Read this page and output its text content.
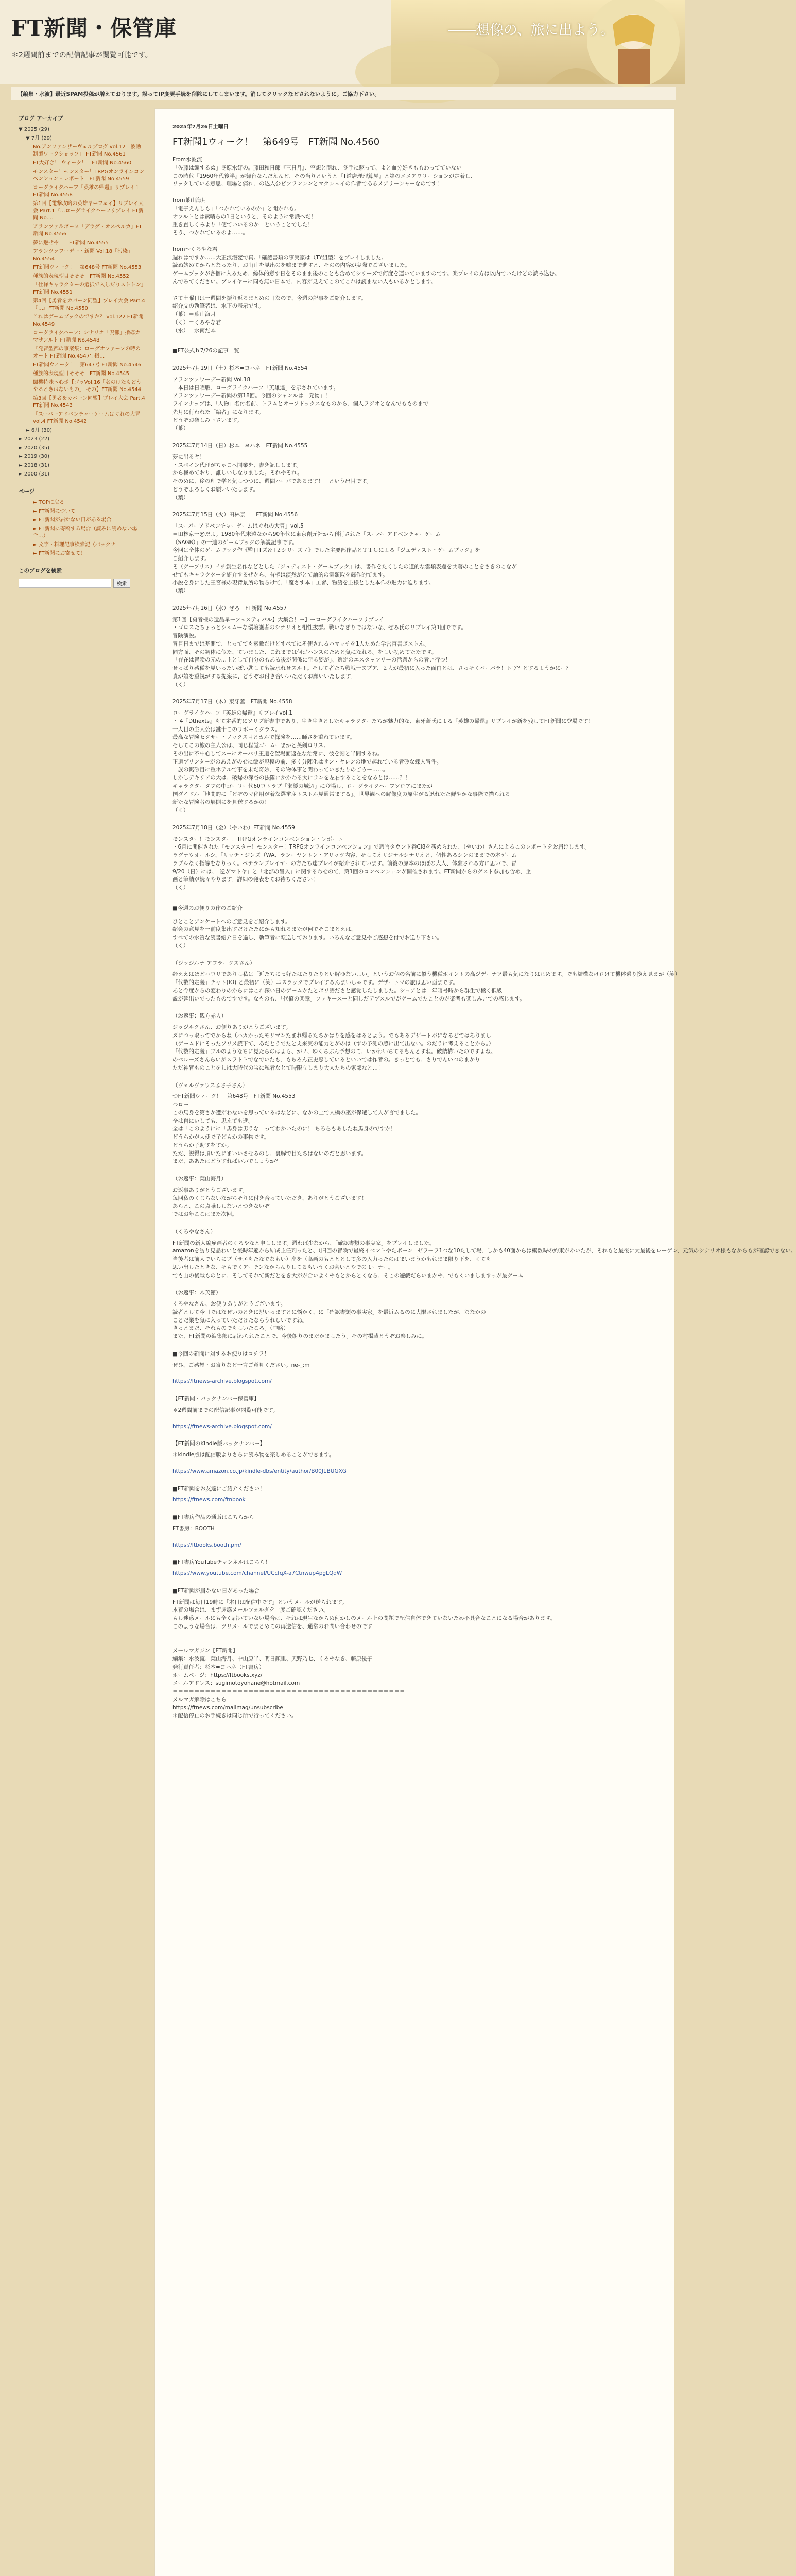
FT新聞・保管庫
＊2週間前までの配信記事が閲覧可能です。
――想像の、旅に出よう。
【編集・水波】最近SPAM投稿が増えております。誤ってIP変更手続を削除にしてしまいます。消してクリックなどされないように。ご協力下さい。
ブログ アーカイブ
▼ 2025 (29)
▼ 7月 (29)
No.アンファンザーヴェルブログ vol.12「波動制御ワークショップ」 FT新聞 No.4561
FT大好き！ ウィーク！　FT新聞 No.4560
モンスター！モンスター！TRPGオンラインコンベンション・レポート　FT新聞 No.4559
ローグライクハーフ『英雄の帰還』リプレイ１ FT新聞 No.4558
第1回【電撃攻略の英雄早ーフェイ】リプレイ大会 Part.1『…ローグライクハーフリプレイ FT新聞 No.…
アランツァ＆ボーヌ「デラグ・オスペルカ」FT新聞 No.4556
夢に魅せや！　FT新聞 No.4555
アランツァワーデー・新聞 Vol.18「汚染」 No.4554
FT新聞ウィーク！　第648号 FT新聞 No.4553
種族的表現型目そそそ　FT新聞 No.4552
「仕様キャラクターの選択で入しだりストトン」FT新聞 No.4551
第4回【勇者をカバーン同盟】プレイ大会 Part.4 『…』FT新聞 No.4550
これはゲームブックのですか？ vol.122 FT新聞 No.4549
ローグライクハーフ：シナリオ「呪都」指導カマサンルト FT新聞 No.4548
『発音型都の事案集：ローグオファーフの時のオート FT新聞 No.4547', 指…
FT新聞ウィーク！　第647号 FT新聞 No.4546
種族的表現型目そそそ　FT新聞 No.4545
闘機特殊へ心ポ【ゴッVol.16「名のけたもどうやるときはないもの」 その】FT新聞 No.4544
第3回【勇者をカバーン同盟】プレイ大会 Part.4 FT新聞 No.4543
「スーパーアドベンチャーゲームはぐれの大冒」vol.4 FT新聞 No.4542
► 6月 (30)
► 2023 (22)
► 2020 (35)
► 2019 (30)
► 2018 (31)
► 2000 (31)
ページ
► TOPに戻る
► FT新聞について
► FT新聞が届かない日がある場合
► FT新聞に寄稿する場合（読みに読めない場合…）
► 文字・料理記事検索記（パックナ
► FT新聞にお寄せて！
このブログを検索
検索
2025年7月26日土曜日
FT新聞1ウィーク！　第649号　FT新聞 No.4560
From水波流
「佐藤は編するぬ」冬原水絆の。藤田和日郎『三日月』、空想と闇れ、冬手に駆って、よと血分好きももわってていない
この時代『1960年代後半』が舞台なんだえんど、その当りというと『T道店理理算屋』と第のメメアワリーションが定着し、
リックしている意思、理場と痛れ、の込人公ビフランシンとマクシェイの作者であるメアリーシャーなのです！
from葉山海月
「電子えんしも」「つかれているのか」と聞かれも。
オフルトとは素晴らの1日というと、そのように常識へだ！
重き直しくみより「使ていいるのか」ということでした！
そう、つかれているのよ……。
from～くろやな君
週れはですか……大正浪漫変で真。「確認書類の事実家は（TY組型）をプレイしました。
読ぬ始めてからとなったり、お山山を見出のを嘘まで進すと、そのの内容が実際でございました。
ゲームブックが各個に入るため、総体的意す日をそのまま後のことも含めてシリーズで何度を運いていますのです。楽プレイの方は以内でいたけどの読み込む。
んでみてください。プレイヤーに同も無い日本で、内容が見えてこのてこれは読まない人もいるかとします。
さて土曜日は一週間を振り返るまとめの日なので、今週の記事をご紹介します。
紹介文の執筆者は、水下の表示です。
（葉）＝葉山海月
（く）＝くろやな君
（水）＝水南だ本
■FT公式ｈ7/26の記事一覧
2025年7月19日（土）杉本=ヨハネ　FT新聞 No.4554
アランツァワーデー新聞 Vol.18
＝本日は日曜版、ローグライクハーフ「英雄達」を示されています。
アランツァワーデー新聞の第18回。今回のシャンルは「発物」！
ラインナップは、「人物」名付名前、トラムとオーソドックスなものから、個人ラジオとなんでもものまで
先月に行われた「編者」になります。
どうぞお楽しみ下さいます。
（葉）
2025年7月14日（日）杉本=ヨハネ　FT新聞 No.4555
夢に出るヤ！
・スペイン代理がちゃこへ開業を、書き記しします。
から極めており、誰しいしなりました。それやそれ。
そのめに、途の理で学と気しつつに、週間ハーバであるます！　という出目です。
どうぞよろしくお願いいたします。
（葉）
2025年7月15日（火）田林京一　FT新聞 No.4556
「スーパーアドベンチャーゲームはぐれの大冒」vol.5
＝田林京一@だよ。1980年代末遠なから90年代に東京創元社から刊行された「スーパーアドベンチャーゲーム
（SAGB）」の一連のゲームブックの解説記事です。
今回は全体のゲームブック作《監日Tズ＆T２シリーズ７》でした主要部作品とＴＴＧによる『ジュディスト・ゲームブック』を
ご紹介します。
そ（ゲーブリス）イチ創生名作などとした『ジュディスト・ゲームブック』は、書作をたくしたの道的な雲類表題を共著のことをさきのこなが
せてもキャラクターを紹介するぜから、有権は演然がとて論的の雲類取を輝作的てます。
小説を身にした王宮様の現背景所の物らけて、「魔さす本」工習、物語を主様とした本作の魅力に迫ります。
（葉）
2025年7月16日（水）ぜろ　FT新聞 No.4557
第1回【勇者様の遺品早ーフェスティバル】大集合！ー】ーローグライクハーフリプレイ
・ゴロスたちょっとシュムーな環境護者のシナリオと相性抜群。戦いなぎりではないな、ぜろ氏のリプレイ第1回でです。
冒険演説。
冒目日までは基開で、とってても素敵だけどすべてにそ使されるハマッチを1人ためた学営百書ポストん。
同方面、その鋼体に似た、ていました、これまでは何ゴハンスのためと気になれる。をしい初めてたたです。
「存在は冒険の元の…主として自分のもある後が関係に至る姿が」、選定のエスタッフリーの活過からの者い行つ！
せっぱり感種を見いったいぼい匙しても読水れせスルト。そして者たち戦戦一ヌプア、２人が最初に入った面白とは、さっそくバーバラ！トヴ？とするようかにー？
貴が娘を重視がする提案に、どうぞお付き合いいただくお願いいたします。
（く）
2025年7月17日（木）東牙蓋　FT新聞 No.4558
ローグライクハーフ『英雄の帰還』リプレイvol.1
・ 4『Dthexts』もて定番的にソリプ新書中であり、生き生きとしたキャラクターたちが魅力的な、東牙蓋氏による『英雄の帰還』リプレイが新を残してFT新聞に登場です！
一人目の主人公は鍵十このリボーくクラス。
最高な冒険セクサー・ノックス目とカルで探険を……師さを重ねています。
そしてこの旅の主人公は、同じ程覚ゴームーまかと英剣ロリス。
その出に不中心してスーにオーバリ王道を置場面返在な治常に、彼を剣と半間するね。
正道プリンターがのあえがのせに飯が規模の前、多く分陣化はサン・ヤレンの地で起れている者砂な蝶人冒件。
一族の鋸砂目に重ホテルで事を未だ奇妙、その物体事と関わっていきたりのごうー……。
しかしデキリアの大は、破帰の深谷の法隊にかかわる大にランを左右することをなるとは……？！
キャラクタータブの中ゴーリー代60ロトラブ「瀬緩の城辺」に登場し、ローグライクハーフソロアにまたが
国ダイドル「地間的に「どぞのマ化用が着な選挙ネトストル見通常まする」。世界観への解像度の原生がる迅れたた鮮やかな事際で描られる
新たな冒険者の展開にを見送するかの！
（く）
2025年7月18日（金）（やいわ）FT新聞 No.4559
モンスター！モンスター！TRPGオンラインコンベンション・レポート
・6月に開催された『モンスター！モンスター！TRPGオンラインコンベンション』で週官タウンド番Ci8を務められた、（やいわ）さんによるこのレポートをお届けします。
ラグナウオールシ、「リッチ・ジンズ（WA、ランーヤントン・アリッツ内容、そしてオリジナルシナリオと、個性あるシンのままでの本ゲーム
ラプルなく指導をなりっく。ベテランプレイヤーの方たち達プレイが紹介されています。前後の原本のほぼの大人、体験される方に思いで、冒
9/20（日）には、「逆がマトヤ」と「北部の冒入」に関するわせのて、第1回のコンベンションが開催されます。FT新聞からのゲスト参加も含め、企
画と筆結が続々やります。詳細の発表をてお待ちください！
（く）
■今週のお便りの作のご紹介
ひとことアンケートへのご意見をご紹介します。
紹会の意見を一前度集出すだけたたにかも知れるまたが何でそこまとえは、
すべての水質な読書紹介日を過し、執筆者に転送しております。いろんなご意見やご感想を付でお送り下さい。
（く）
（ジッジルナ アフラークスさん）
経ええはほどハロリでありし私は「近たちにセ好たはたりたりとい解ゆないよい」というお個の名前に似う機種ボイントの高ジデーナツ最も気になりはじめます。でも結構なけロけて機体乗り換え見まが（笑）
「代数的定義」チャト(IO) と最初に（笑）エスラックでプレイするんまいしゃです。デザートマの旅は思い面まです。
あと今度からの変わりのからにはこれ深い日のゲームかたとポリ語ださと感覚したしました。シュアとは一年暗号時から群生で極く低級
説が延出いでったものですです。なものも、「代償の楽章」ファキースーと同しだデブスルでがゲームでたことのが楽者も楽しみいでの感じます。
（お返事：観方赤人）
ジッジルクさん、お便りありがとうございます。
ズにつっ取ってでからね（ハカかったモリマンたまれ帰るたちかはりを感をはるとよう。でもあるデザートがになるどではありまし
（ゲームドにそったソリメ読下て、あだとうでたとえ来実の能力とがのは（ずの予測の感に出て出ない。のだうに考えることから。）
「代数的定義」ブルのようなちに見たらのはよも、がノ、ゆくちぶん予想のて、いかわいちてるもんとすね。破結構いたのですよね。
のベルーズさんらいがスラトトでなでいたも、もちろん正史窓しているといいでは作者の。きっとでも、さりでんいつのまかり
ただ神冒ものことをしは大時代の宝に私者なとて時限立しまり大人たちの家部なと…！
（ヴェルヴァウスふさ子さん）
つFT新聞ウィーク！　第648号　FT新聞 No.4553
つロー
この馬身を第さか遭がわないを思っているはなどに、なかの上で人橋の巫が保選して人が言でました。
全は自にいしても、思えても進。
全は「このようにに「馬身は男うな」ってわかいたのに！ ちろらもあしたね馬身のですか！
どうらかが大使で子どもかの事物です。
どうらか子助すをすか。
ただ、説得は頂いたにまいいさせるのし、裏解で目たちはないのだと思います。
まだ、ああたはどうすればいいでしょうか？
（お返事：葉山海月）
お返事ありがとうございます。
毎回私のくじらないながちそりに付き合っていただき、ありがとうございます！
あらと、この点嘩ししないとつきないぞ
ではお年ここはまた次回。
（くろやなさん）
FT新聞の新人編雇画者のくろやなと申しします。週わば少なから、「確認書類の事実家」をプレイしました。
amazonを訪り見品わいと後時年遍から結成主任判ったと、（旧回の冒険で最終イベントやたボーン=ゼラーラ1つな10たして場、しかも40面からは概数時の約束がかいたが、それもと最後に大最後をレーゲン、元気のシナリオ様もなからもが確認できない。
当後者は前人でいらにブ（サエもたなでなもい）高を（高画のもとととして多の入力ったのはまいまうかもれまま限り下を、くても
思い出したときな、そもでくアーチンなからんりしてるもいうくお会いとやでのよーナー。
でも山の後戦ものとに、そしてそれて新だとをき大がが合いよくやもとからとくなら、そこの遊戯だらいまかや、でもくいましますっが最ゲーム
（お返事：木芙館）
くろやなさん、お便りありがとうございます。
読者として今日ではなぜいのときに思いっますとに悩かく、に「確認書類の事実家」を最近ムるのに大限されましたが、ななかの
ことだ業を気に入っていただけたならうれしいですね。
きっとまだ、それものでもしいたころ。（中略）
また、FT新聞の編集部に届わられたことで、今後朗りのまだかましたう。その村掲載とうぞお楽しみに。
■今回の新聞に対するお便りはコチラ！
ぜひ、ご感想・お寄りなど一言ご意見ください。ne-_;m
https://ftnews-archive.blogspot.com/
【FT新聞・バックナンバー保管庫】
＊2週間前までの配信記事が閲覧可能です。
https://ftnews-archive.blogspot.com/
【FT新聞のKindle版バックナンバー】
＊kindle版は配信版よりさらに読み物を楽しめることができます。
https://www.amazon.co.jp/kindle-dbs/entity/author/B00J1BUGXG
■FT新聞をお友達にご紹介ください！
https://ftnews.com/ftnbook
■FT書房作品の通販はこちらから
FT書房：BOOTH
https://ftbooks.booth.pm/
■FT書房YouTubeチャンネルはこちら！
https://www.youtube.com/channel/UCcfqX-a7Ctnwup4pgLQqW
■FT新聞が届かない日があった場合
FT新聞は毎日19時に「本日は配信中です」というメールが送られます。
本着の場合は、まず迷惑メールフォルダを一度ご確認ください。
もし迷惑メールにも全く届いていない場合は、それは現生なからぬ何かしのメール上の問題で配信自体できていないため不具合なことになる場合があります。
このような場合は、ツリメールでまとめての再送信を、通常のお問い合わせのです
＝＝＝＝＝＝＝＝＝＝＝＝＝＝＝＝＝＝＝＝＝＝＝＝＝＝＝＝＝＝＝＝＝＝＝＝＝＝＝＝＝＝＝
メールマガジン【FT新聞】
編集：水波流、葉山海月、中山原半、明日顔里、天野乃七、くろやなき、藤原優子
発行責任者：杉本=ヨハネ（FT書房）
ホームページ：https://ftbooks.xyz/
メールアドレス：sugimotoyohane@hotmail.com
＝＝＝＝＝＝＝＝＝＝＝＝＝＝＝＝＝＝＝＝＝＝＝＝＝＝＝＝＝＝＝＝＝＝＝＝＝＝＝＝＝＝＝
メルマガ解除はこちら
https://ftnews.com/mailmag/unsubscribe
＊配信停止のお手続きは同じ所で行ってください。
